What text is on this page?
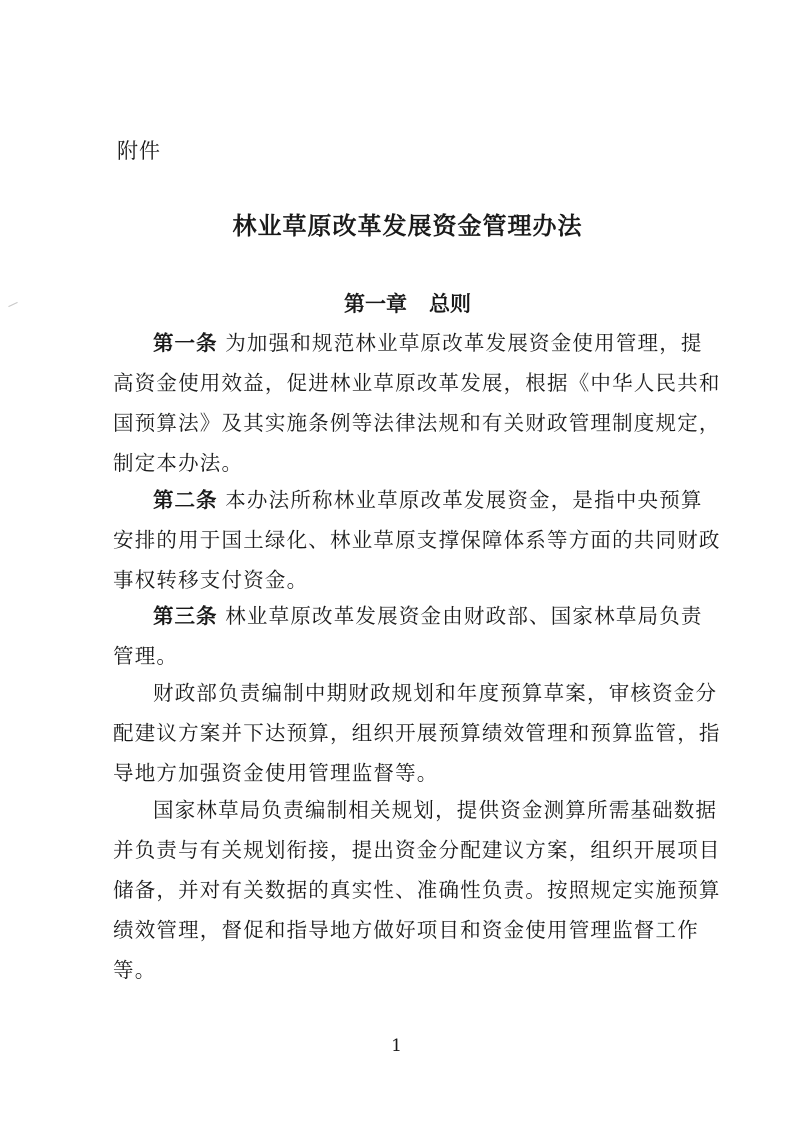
附件
林业草原改革发展资金管理办法
第一章 总则
第一条 为加强和规范林业草原改革发展资金使用管理，提
高资金使用效益，促进林业草原改革发展，根据《中华人民共和
国预算法》及其实施条例等法律法规和有关财政管理制度规定，
制定本办法。
第二条 本办法所称林业草原改革发展资金，是指中央预算
安排的用于国土绿化、林业草原支撑保障体系等方面的共同财政
事权转移支付资金。
第三条 林业草原改革发展资金由财政部、国家林草局负责
管理。
财政部负责编制中期财政规划和年度预算草案，审核资金分
配建议方案并下达预算，组织开展预算绩效管理和预算监管，指
导地方加强资金使用管理监督等。
国家林草局负责编制相关规划，提供资金测算所需基础数据
并负责与有关规划衔接，提出资金分配建议方案，组织开展项目
储备，并对有关数据的真实性、准确性负责。按照规定实施预算
绩效管理，督促和指导地方做好项目和资金使用管理监督工作
等。
1
